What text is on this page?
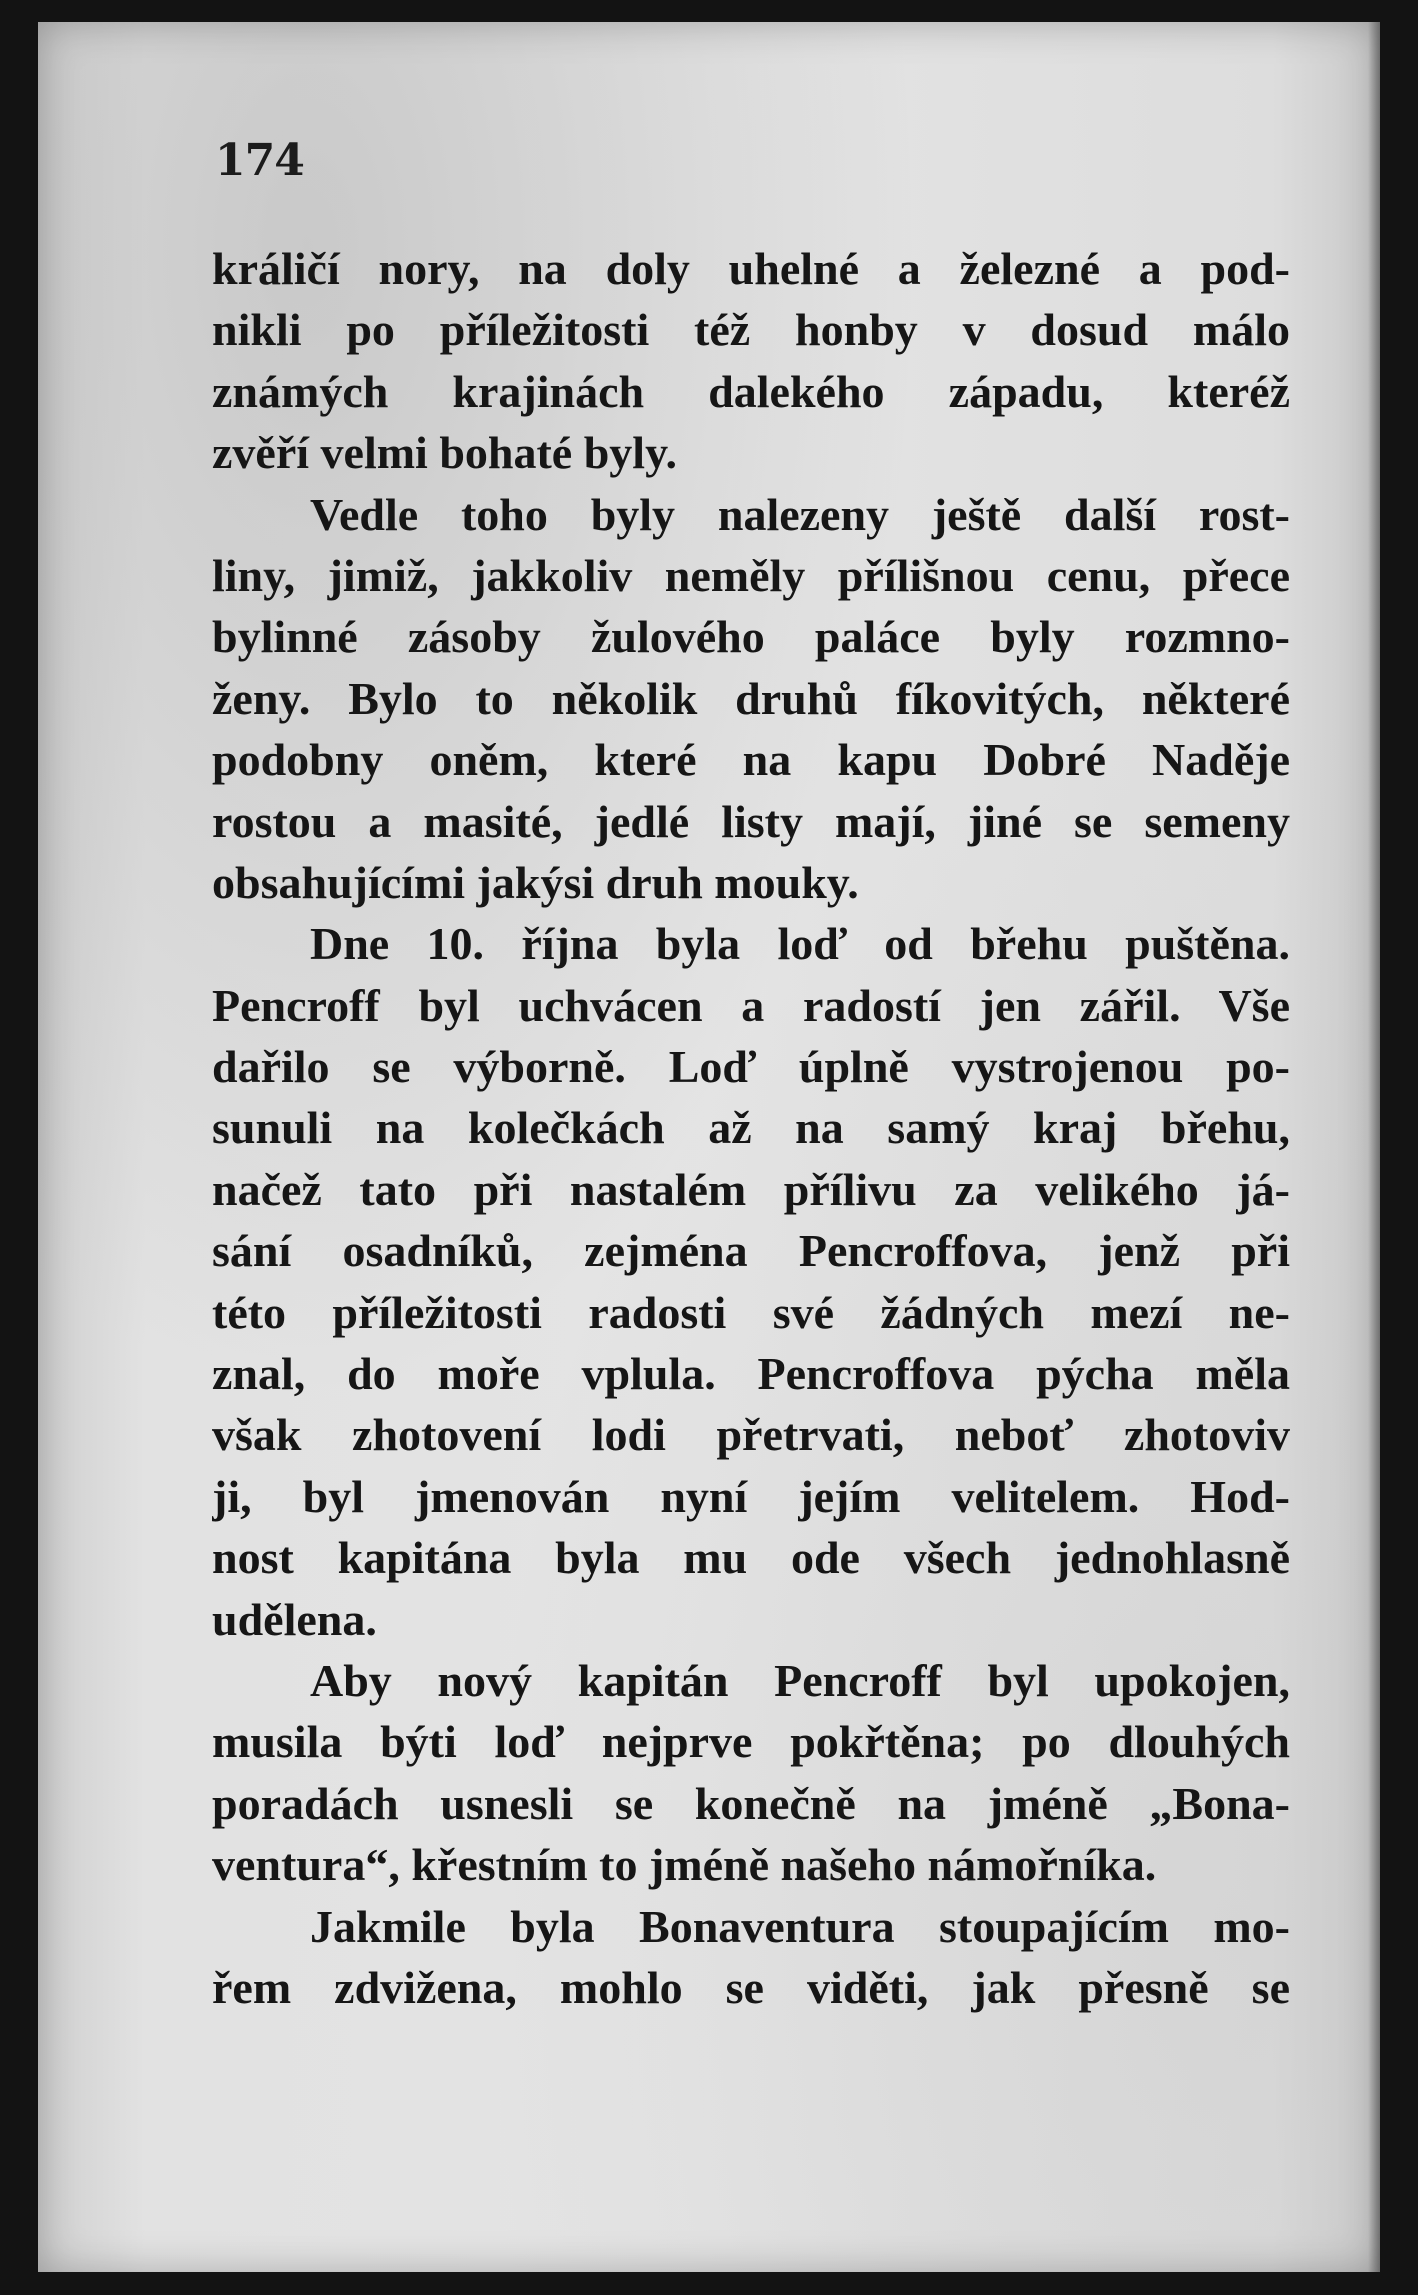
174
králičí nory, na doly uhelné a železné a pod-
nikli po příležitosti též honby v dosud málo
známých krajinách dalekého západu, kteréž
zvěří velmi bohaté byly.
Vedle toho byly nalezeny ještě další rost-
liny, jimiž, jakkoliv neměly přílišnou cenu, přece
bylinné zásoby žulového paláce byly rozmno-
ženy. Bylo to několik druhů fíkovitých, některé
podobny oněm, které na kapu Dobré Naděje
rostou a masité, jedlé listy mají, jiné se semeny
obsahujícími jakýsi druh mouky.
Dne 10. října byla loď od břehu puštěna.
Pencroff byl uchvácen a radostí jen zářil. Vše
dařilo se výborně. Loď úplně vystrojenou po-
sunuli na kolečkách až na samý kraj břehu,
načež tato při nastalém přílivu za velikého já-
sání osadníků, zejména Pencroffova, jenž při
této příležitosti radosti své žádných mezí ne-
znal, do moře vplula. Pencroffova pýcha měla
však zhotovení lodi přetrvati, neboť zhotoviv
ji, byl jmenován nyní jejím velitelem. Hod-
nost kapitána byla mu ode všech jednohlasně
udělena.
Aby nový kapitán Pencroff byl upokojen,
musila býti loď nejprve pokřtěna; po dlouhých
poradách usnesli se konečně na jméně „Bona-
ventura“, křestním to jméně našeho námořníka.
Jakmile byla Bonaventura stoupajícím mo-
řem zdvižena, mohlo se viděti, jak přesně se
